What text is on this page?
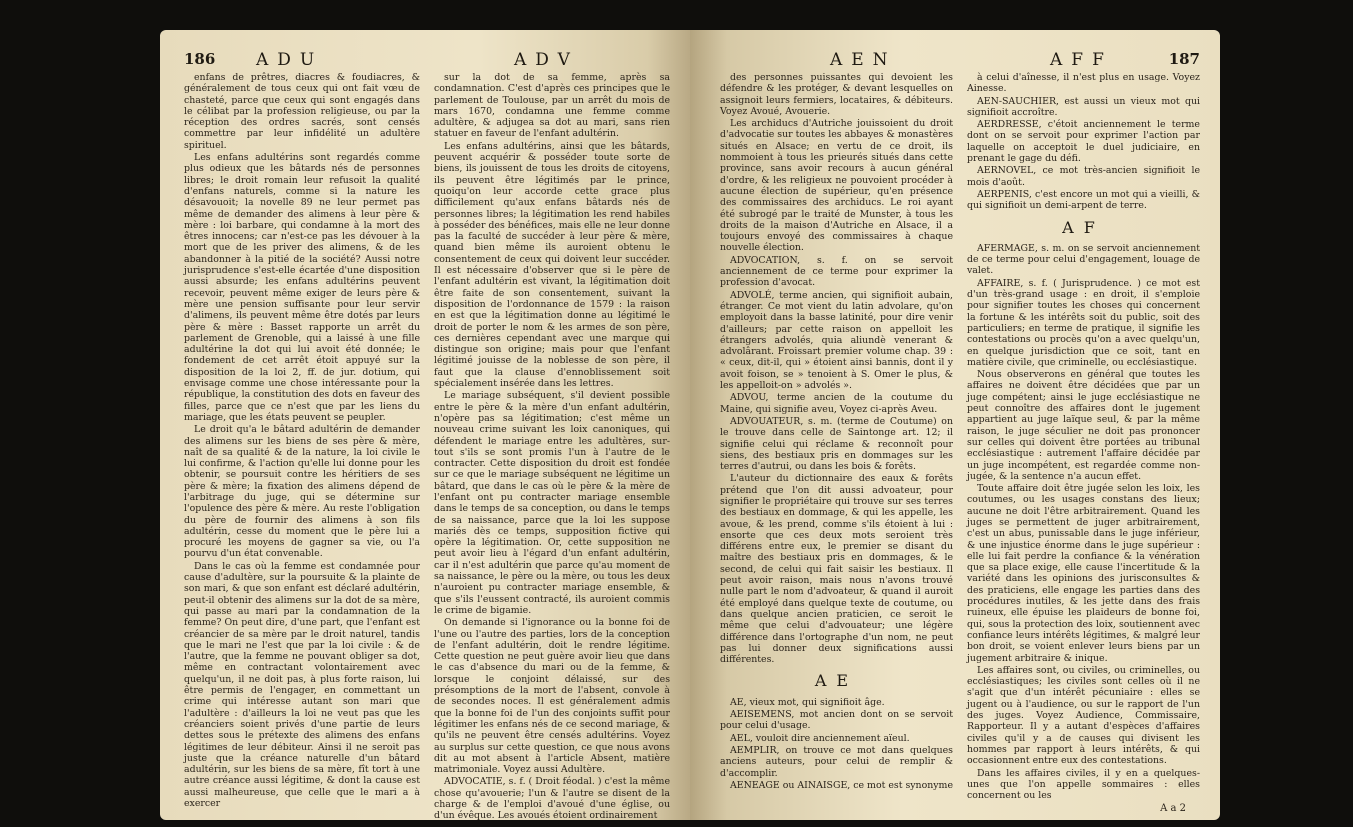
186 ADU	ADV

enfans de prêtres, diacres & foudiacres, & généralement de tous ceux qui ont fait vœu de chasteté, parce que ceux qui sont engagés dans le célibat par la profession religieuse, ou par la réception des ordres sacrés, sont censés commettre par leur infidélité un adultère spirituel.

Les enfans adultérins sont regardés comme plus odieux que les bâtards nés de personnes libres; le droit romain leur refusoit la qualité d'enfans naturels, comme si la nature les désavouoit; la novelle 89 ne leur permet pas même de demander des alimens à leur père & mère : loi barbare, qui condamne à la mort des êtres innocens; car n'est-ce pas les dévouer à la mort que de les priver des alimens, & de les abandonner à la pitié de la société? Aussi notre jurisprudence s'est-elle écartée d'une disposition aussi absurde; les enfans adultérins peuvent recevoir, peuvent même exiger de leurs père & mère une pension suffisante pour leur servir d'alimens, ils peuvent même être dotés par leurs père & mère : Basset rapporte un arrêt du parlement de Grenoble, qui a laissé à une fille adultérine la dot qui lui avoit été donnée; le fondement de cet arrêt étoit appuyé sur la disposition de la loi 2, ff. de jur. dotium, qui envisage comme une chose intéressante pour la république, la constitution des dots en faveur des filles, parce que ce n'est que par les liens du mariage, que les états peuvent se peupler.

Le droit qu'a le bâtard adultérin de demander des alimens sur les biens de ses père & mère, naît de sa qualité & de la nature, la loi civile le lui confirme, & l'action qu'elle lui donne pour les obtenir, se poursuit contre les héritiers de ses père & mère; la fixation des alimens dépend de l'arbitrage du juge, qui se détermine sur l'opulence des père & mère. Au reste l'obligation du père de fournir des alimens à son fils adultérin, cesse du moment que le père lui a procuré les moyens de gagner sa vie, ou l'a pourvu d'un état convenable.

Dans le cas où la femme est condamnée pour cause d'adultère, sur la poursuite & la plainte de son mari, & que son enfant est déclaré adultérin, peut-il obtenir des alimens sur la dot de sa mère, qui passe au mari par la condamnation de la femme? On peut dire, d'une part, que l'enfant est créancier de sa mère par le droit naturel, tandis que le mari ne l'est que par la loi civile : & de l'autre, que la femme ne pouvant obliger sa dot, même en contractant volontairement avec quelqu'un, il ne doit pas, à plus forte raison, lui être permis de l'engager, en commettant un crime qui intéresse autant son mari que l'adultère : d'ailleurs la loi ne veut pas que les créanciers soient privés d'une partie de leurs dettes sous le prétexte des alimens des enfans légitimes de leur débiteur. Ainsi il ne seroit pas juste que la créance naturelle d'un bâtard adultérin, sur les biens de sa mère, fît tort à une autre créance aussi légitime, & dont la cause est aussi malheureuse, que celle que le mari a à exercer

sur la dot de sa femme, après sa condamnation. C'est d'après ces principes que le parlement de Toulouse, par un arrêt du mois de mars 1670, condamna une femme comme adultère, & adjugea sa dot au mari, sans rien statuer en faveur de l'enfant adultérin.

Les enfans adultérins, ainsi que les bâtards, peuvent acquérir & posséder toute sorte de biens, ils jouissent de tous les droits de citoyens, ils peuvent être légitimés par le prince, quoiqu'on leur accorde cette grace plus difficilement qu'aux enfans bâtards nés de personnes libres; la légitimation les rend habiles à posséder des bénéfices, mais elle ne leur donne pas la faculté de succéder à leur père & mère, quand bien même ils auroient obtenu le consentement de ceux qui doivent leur succéder. Il est nécessaire d'observer que si le père de l'enfant adultérin est vivant, la légitimation doit être faite de son consentement, suivant la disposition de l'ordonnance de 1579 : la raison en est que la légitimation donne au légitimé le droit de porter le nom & les armes de son père, ces dernières cependant avec une marque qui distingue son origine; mais pour que l'enfant légitimé jouisse de la noblesse de son père, il faut que la clause d'ennoblissement soit spécialement insérée dans les lettres.

Le mariage subséquent, s'il devient possible entre le père & la mère d'un enfant adultérin, n'opère pas sa légitimation; c'est même un nouveau crime suivant les loix canoniques, qui défendent le mariage entre les adultères, sur-tout s'ils se sont promis l'un à l'autre de le contracter. Cette disposition du droit est fondée sur ce que le mariage subséquent ne légitime un bâtard, que dans le cas où le père & la mère de l'enfant ont pu contracter mariage ensemble dans le temps de sa conception, ou dans le temps de sa naissance, parce que la loi les suppose mariés dès ce temps, supposition fictive qui opère la légitimation. Or, cette supposition ne peut avoir lieu à l'égard d'un enfant adultérin, car il n'est adultérin que parce qu'au moment de sa naissance, le père ou la mère, ou tous les deux n'auroient pu contracter mariage ensemble, & que s'ils l'eussent contracté, ils auroient commis le crime de bigamie.

On demande si l'ignorance ou la bonne foi de l'une ou l'autre des parties, lors de la conception de l'enfant adultérin, doit le rendre légitime. Cette question ne peut guère avoir lieu que dans le cas d'absence du mari ou de la femme, & lorsque le conjoint délaissé, sur des présomptions de la mort de l'absent, convole à de secondes noces. Il est généralement admis que la bonne foi de l'un des conjoints suffit pour légitimer les enfans nés de ce second mariage, & qu'ils ne peuvent être censés adultérins. Voyez au surplus sur cette question, ce que nous avons dit au mot absent à l'article Absent, matière matrimoniale. Voyez aussi Adultère.

ADVOCATIE, s. f. ( Droit féodal. ) c'est la même chose qu'avouerie; l'un & l'autre se disent de la charge & de l'emploi d'avoué d'une église, ou d'un évêque. Les avoués étoient ordinairement

AEN	AFF	187

des personnes puissantes qui devoient les défendre & les protéger, & devant lesquelles on assignoit leurs fermiers, locataires, & débiteurs. Voyez Avoué, Avouerie.

Les archiducs d'Autriche jouissoient du droit d'advocatie sur toutes les abbayes & monastères situés en Alsace; en vertu de ce droit, ils nommoient à tous les prieurés situés dans cette province, sans avoir recours à aucun général d'ordre, & les religieux ne pouvoient procéder à aucune élection de supérieur, qu'en présence des commissaires des archiducs. Le roi ayant été subrogé par le traité de Munster, à tous les droits de la maison d'Autriche en Alsace, il a toujours envoyé des commissaires à chaque nouvelle élection.

ADVOCATION, s. f. on se servoit anciennement de ce terme pour exprimer la profession d'avocat.

ADVOLÉ, terme ancien, qui signifioit aubain, étranger. Ce mot vient du latin advolare, qu'on employoit dans la basse latinité, pour dire venir d'ailleurs; par cette raison on appelloit les étrangers advolés, quia aliundè venerant & advolârant. Froissart premier volume chap. 39 : « ceux, dit-il, qui » étoient ainsi bannis, dont il y avoit foison, se » tenoient à S. Omer le plus, & les appelloit-on » advolés ».

ADVOU, terme ancien de la coutume du Maine, qui signifie aveu, Voyez ci-après Aveu.

ADVOUATEUR, s. m. (terme de Coutume) on le trouve dans celle de Saintonge art. 12; il signifie celui qui réclame & reconnoît pour siens, des bestiaux pris en dommages sur les terres d'autrui, ou dans les bois & forêts.

L'auteur du dictionnaire des eaux & forêts prétend que l'on dit aussi advoateur, pour signifier le propriétaire qui trouve sur ses terres des bestiaux en dommage, & qui les appelle, les avoue, & les prend, comme s'ils étoient à lui : ensorte que ces deux mots seroient très différens entre eux, le premier se disant du maître des bestiaux pris en dommages, & le second, de celui qui fait saisir les bestiaux. Il peut avoir raison, mais nous n'avons trouvé nulle part le nom d'advoateur, & quand il auroit été employé dans quelque texte de coutume, ou dans quelque ancien praticien, ce seroit le même que celui d'advouateur; une légère différence dans l'ortographe d'un nom, ne peut pas lui donner deux significations aussi différentes.

AE

AE, vieux mot, qui signifioit âge.

AEISEMENS, mot ancien dont on se servoit pour celui d'usage.

AEL, vouloit dire anciennement aïeul.

AEMPLIR, on trouve ce mot dans quelques anciens auteurs, pour celui de remplir & d'accomplir.

AENEAGE ou AINAISGE, ce mot est synonyme

à celui d'aînesse, il n'est plus en usage. Voyez Ainesse.

AEN-SAUCHIER, est aussi un vieux mot qui signifioit accroître.

AERDRESSE, c'étoit anciennement le terme dont on se servoit pour exprimer l'action par laquelle on acceptoit le duel judiciaire, en prenant le gage du défi.

AERNOVEL, ce mot très-ancien signifioit le mois d'août.

AERPENIS, c'est encore un mot qui a vieilli, & qui signifioit un demi-arpent de terre.

AF

AFERMAGE, s. m. on se servoit anciennement de ce terme pour celui d'engagement, louage de valet.

AFFAIRE, s. f. ( Jurisprudence. ) ce mot est d'un très-grand usage : en droit, il s'emploie pour signifier toutes les choses qui concernent la fortune & les intérêts soit du public, soit des particuliers; en terme de pratique, il signifie les contestations ou procès qu'on a avec quelqu'un, en quelque jurisdiction que ce soit, tant en matière civile, que criminelle, ou ecclésiastique.

Nous observerons en général que toutes les affaires ne doivent être décidées que par un juge compétent; ainsi le juge ecclésiastique ne peut connoître des affaires dont le jugement appartient au juge laïque seul, & par la même raison, le juge séculier ne doit pas prononcer sur celles qui doivent être portées au tribunal ecclésiastique : autrement l'affaire décidée par un juge incompétent, est regardée comme non-jugée, & la sentence n'a aucun effet.

Toute affaire doit être jugée selon les loix, les coutumes, ou les usages constans des lieux; aucune ne doit l'être arbitrairement. Quand les juges se permettent de juger arbitrairement, c'est un abus, punissable dans le juge inférieur, & une injustice énorme dans le juge supérieur : elle lui fait perdre la confiance & la vénération que sa place exige, elle cause l'incertitude & la variété dans les opinions des jurisconsultes & des praticiens, elle engage les parties dans des procédures inutiles, & les jette dans des frais ruineux, elle épuise les plaideurs de bonne foi, qui, sous la protection des loix, soutiennent avec confiance leurs intérêts légitimes, & malgré leur bon droit, se voient enlever leurs biens par un jugement arbitraire & inique.

Les affaires sont, ou civiles, ou criminelles, ou ecclésiastiques; les civiles sont celles où il ne s'agit que d'un intérêt pécuniaire : elles se jugent ou à l'audience, ou sur le rapport de l'un des juges. Voyez Audience, Commissaire, Rapporteur. Il y a autant d'espèces d'affaires civiles qu'il y a de causes qui divisent les hommes par rapport à leurs intérêts, & qui occasionnent entre eux des contestations.

Dans les affaires civiles, il y en a quelques-unes que l'on appelle sommaires : elles concernent ou les

A a 2
